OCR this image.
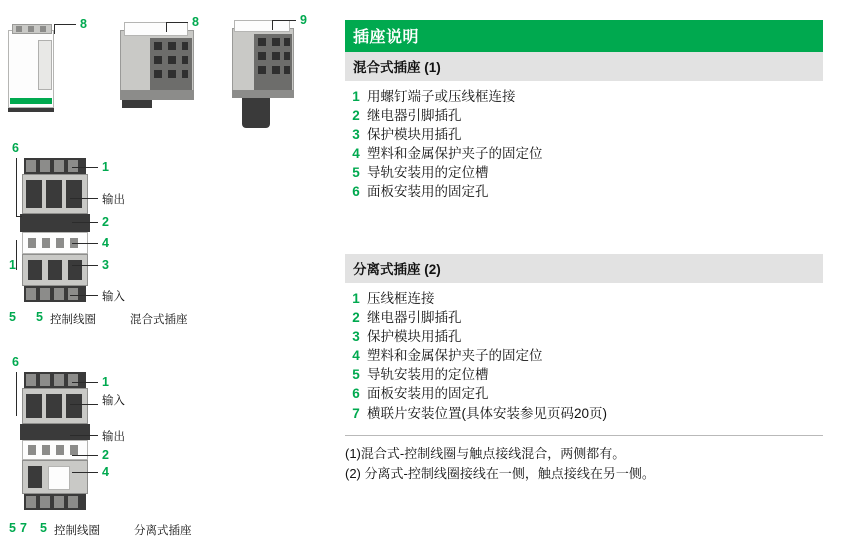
8	8	9
6
1
1
输出
2
4
3
输入
5 5 控制线圈	混合式插座
6
1
输入
输出
2
4
5 7 5 控制线圈	分离式插座
插座说明
混合式插座 (1)
1 用螺钉端子或压线框连接
2 继电器引脚插孔
3 保护模块用插孔
4 塑料和金属保护夹子的固定位
5 导轨安装用的定位槽
6 面板安装用的固定孔
分离式插座 (2)
1 压线框连接
2 继电器引脚插孔
3 保护模块用插孔
4 塑料和金属保护夹子的固定位
5 导轨安装用的定位槽
6 面板安装用的固定孔
7 横联片安装位置(具体安装参见页码20页)
(1)混合式-控制线圈与触点接线混合，两侧都有。
(2) 分离式-控制线圈接线在一侧，触点接线在另一侧。
